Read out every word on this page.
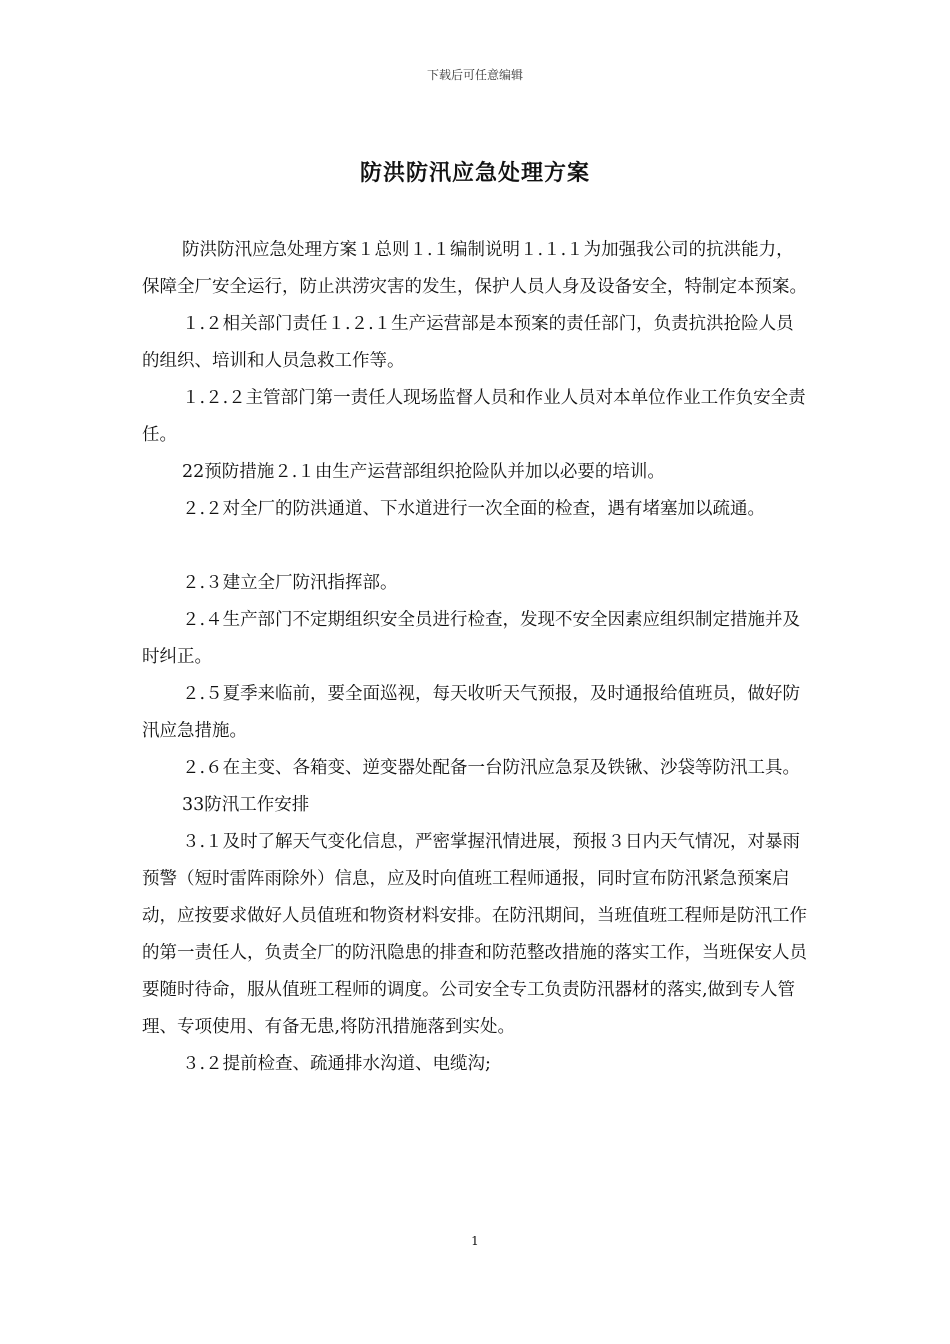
下载后可任意编辑
防洪防汛应急处理方案

防洪防汛应急处理方案１总则１.１编制说明１.１.１为加强我公司的抗洪能力，保障全厂安全运行，防止洪涝灾害的发生，保护人员人身及设备安全，特制定本预案。

１.２相关部门责任１.２.１生产运营部是本预案的责任部门，负责抗洪抢险人员的组织、培训和人员急救工作等。

１.２.２主管部门第一责任人现场监督人员和作业人员对本单位作业工作负安全责任。

22预防措施２.１由生产运营部组织抢险队并加以必要的培训。

２.２对全厂的防洪通道、下水道进行一次全面的检查，遇有堵塞加以疏通。

２.３建立全厂防汛指挥部。

２.４生产部门不定期组织安全员进行检查，发现不安全因素应组织制定措施并及时纠正。

２.５夏季来临前，要全面巡视，每天收听天气预报，及时通报给值班员，做好防汛应急措施。

２.６在主变、各箱变、逆变器处配备一台防汛应急泵及铁锹、沙袋等防汛工具。

33防汛工作安排

３.１及时了解天气变化信息，严密掌握汛情进展，预报３日内天气情况，对暴雨预警（短时雷阵雨除外）信息，应及时向值班工程师通报，同时宣布防汛紧急预案启动，应按要求做好人员值班和物资材料安排。在防汛期间，当班值班工程师是防汛工作的第一责任人，负责全厂的防汛隐患的排查和防范整改措施的落实工作，当班保安人员要随时待命，服从值班工程师的调度。公司安全专工负责防汛器材的落实,做到专人管理、专项使用、有备无患,将防汛措施落到实处。

３.２提前检查、疏通排水沟道、电缆沟;

1
